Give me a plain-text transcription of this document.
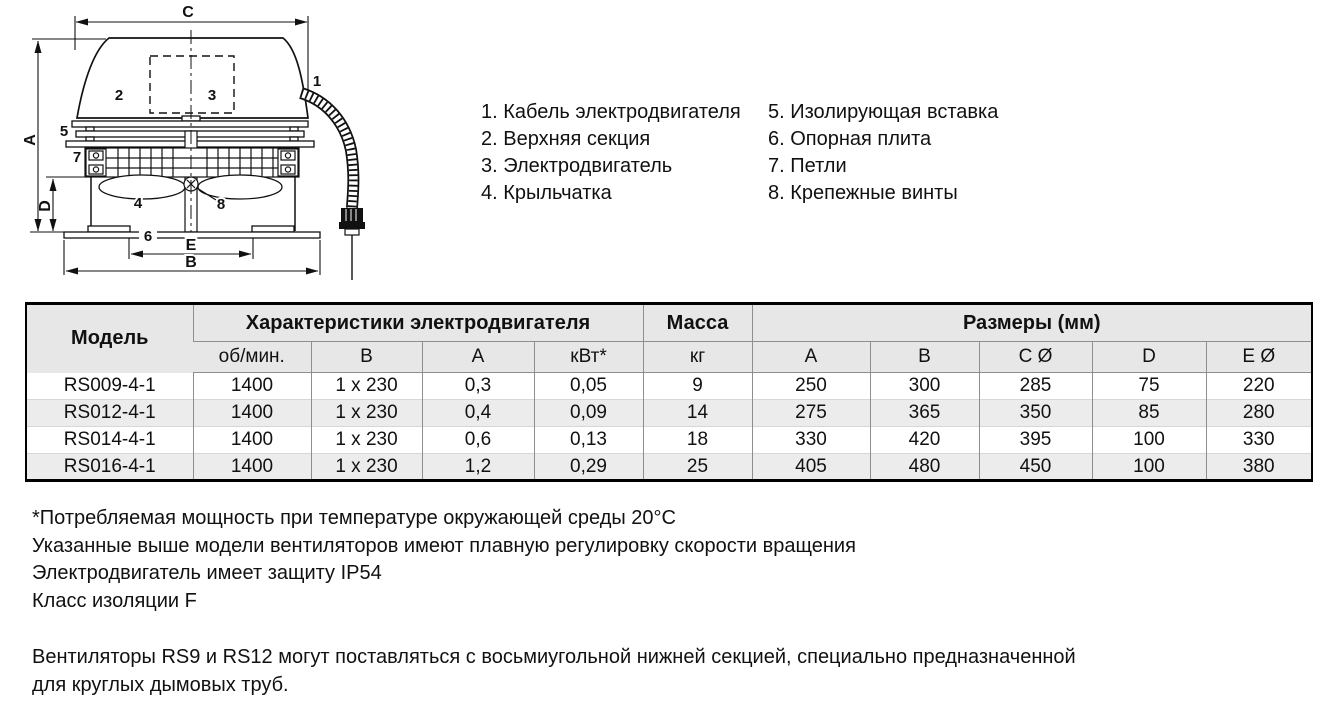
C
2	3
1
5
7
4	8
6
A
D
E
B
1. Кабель электродвигателя
2. Верхняя секция
3. Электродвигатель
4. Крыльчатка
5. Изолирующая вставка
6. Опорная плита
7. Петли
8. Крепежные винты
Модель	Характеристики электродвигателя				Масса	Размеры (мм)				
	об/мин.	В	А	кВт*	кг	A	B	C Ø	D	E Ø
RS009-4-1	1400	1 x 230	0,3	0,05	9	250	300	285	75	220
RS012-4-1	1400	1 x 230	0,4	0,09	14	275	365	350	85	280
RS014-4-1	1400	1 x 230	0,6	0,13	18	330	420	395	100	330
RS016-4-1	1400	1 x 230	1,2	0,29	25	405	480	450	100	380
*Потребляемая мощность при температуре окружающей среды 20°С
Указанные выше модели вентиляторов имеют плавную регулировку скорости вращения
Электродвигатель имеет защиту IP54
Класс изоляции F
Вентиляторы RS9 и RS12 могут поставляться с восьмиугольной нижней секцией, специально предназначенной
для круглых дымовых труб.
